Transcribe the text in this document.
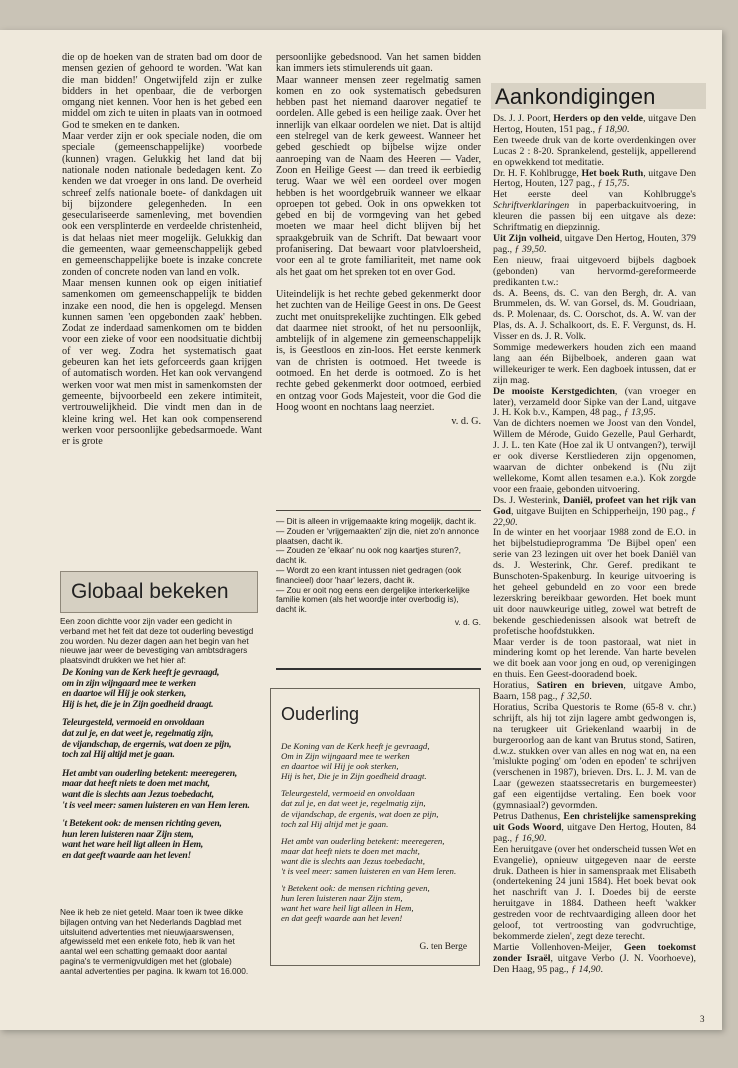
die op de hoeken van de straten bad om door de mensen gezien of gehoord te worden. 'Wat kan die man bidden!' Ongetwijfeld zijn er zulke bidders in het openbaar, die de verborgen omgang niet kennen. Voor hen is het gebed een middel om zich te uiten in plaats van in ootmoed God te smeken en te danken.

Maar verder zijn er ook speciale noden, die om speciale (gemeenschappelijke) voorbede (kunnen) vragen. Gelukkig het land dat bij nationale noden nationale bededagen kent. Zo kenden we dat vroeger in ons land. De overheid schreef zelfs nationale boete- of dankdagen uit bij bijzondere gelegenheden. In een geseculariseerde samenleving, met bovendien ook een versplinterde en verdeelde christenheid, is dat helaas niet meer mogelijk. Gelukkig dan die gemeenten, waar gemeenschappelijk gebed en gemeenschappelijke boete is inzake concrete zonden of concrete noden van land en volk.

Maar mensen kunnen ook op eigen initiatief samenkomen om gemeenschappelijk te bidden inzake een nood, die hen is opgelegd. Mensen kunnen samen 'een opgebonden zaak' hebben. Zodat ze inderdaad samenkomen om te bidden voor een zieke of voor een noodsituatie dichtbij of ver weg. Zodra het systematisch gaat gebeuren kan het iets geforceerds gaan krijgen of automatisch worden. Het kan ook vervangend werken voor wat men mist in samenkomsten der gemeente, bijvoorbeeld een zekere intimiteit, vertrouwelijkheid. Die vindt men dan in de kleine kring wel. Het kan ook compenserend werken voor persoonlijke gebedsarmoede. Want er is grote

persoonlijke gebedsnood. Van het samen bidden kan immers iets stimulerends uit gaan.

Maar wanneer mensen zeer regelmatig samen komen en zo ook systematisch gebedsuren hebben past het niemand daarover negatief te oordelen. Alle gebed is een heilige zaak. Over het innerlijk van elkaar oordelen we niet. Dat is altijd een stelregel van de kerk geweest. Wanneer het gebed geschiedt op bijbelse wijze onder aanroeping van de Naam des Heeren — Vader, Zoon en Heilige Geest — dan treed ik eerbiedig terug. Waar we wèl een oordeel over mogen hebben is het woordgebruik wanneer we elkaar oproepen tot gebed. Ook in ons opwekken tot gebed en bij de vormgeving van het gebed moeten we maar heel dicht blijven bij het spraakgebruik van de Schrift. Dat bewaart voor profanisering. Dat bewaart voor platvloersheid, voor een al te grote familiariteit, met name ook als het gaat om het spreken tot en over God.

Uiteindelijk is het rechte gebed gekenmerkt door het zuchten van de Heilige Geest in ons. De Geest zucht met onuitsprekelijke zuchtingen. Elk gebed dat daarmee niet strookt, of het nu persoonlijk, ambtelijk of in algemene zin gemeenschappelijk is, is Geestloos en zin-loos. Het eerste kenmerk van de christen is ootmoed. Het tweede is ootmoed. En het derde is ootmoed. Zo is het rechte gebed gekenmerkt door ootmoed, eerbied en ontzag voor Gods Majesteit, voor die God die Hoog woont en nochtans laag neerziet.

v. d. G.
Aankondigingen

Ds. J. J. Poort, Herders op den velde, uitgave Den Hertog, Houten, 151 pag., ƒ 18,90.

Een tweede druk van de korte overdenkingen over Lucas 2 : 8-20. Sprankelend, gestelijk, appellerend en opwekkend tot meditatie.

Dr. H. F. Kohlbrugge, Het boek Ruth, uitgave Den Hertog, Houten, 127 pag., ƒ 15,75.

Het eerste deel van Kohlbrugge's Schriftverklaringen in paperbackuitvoering, in kleuren die passen bij een uitgave als deze: Schriftmatig en diepzinnig.

Uit Zijn volheid, uitgave Den Hertog, Houten, 379 pag., ƒ 39,50.

Een nieuw, fraai uitgevoerd bijbels dagboek (gebonden) van hervormd-gereformeerde predikanten t.w.:

ds. A. Beens, ds. C. van den Bergh, dr. A. van Brummelen, ds. W. van Gorsel, ds. M. Goudriaan, ds. P. Molenaar, ds. C. Oorschot, ds. A. W. van der Plas, ds. A. J. Schalkoort, ds. E. F. Vergunst, ds. H. Visser en ds. J. R. Volk.

Sommige medewerkers houden zich een maand lang aan één Bijbelboek, anderen gaan wat willekeuriger te werk. Een dagboek intussen, dat er zijn mag.

De mooiste Kerstgedichten, (van vroeger en later), verzameld door Sipke van der Land, uitgave J. H. Kok b.v., Kampen, 48 pag., ƒ 13,95.

Van de dichters noemen we Joost van den Vondel, Willem de Mérode, Guido Gezelle, Paul Gerhardt, J. J. L. ten Kate (Hoe zal ik U ontvangen?), terwijl er ook diverse Kerstliederen zijn opgenomen, waarvan de dichter onbekend is (Nu zijt wellekome, Komt allen tesamen e.a.). Kok zorgde voor een fraaie, gebonden uitvoering.

Ds. J. Westerink, Daniël, profeet van het rijk van God, uitgave Buijten en Schipperheijn, 190 pag., ƒ 22,90.

In de winter en het voorjaar 1988 zond de E.O. in het bijbelstudieprogramma 'De Bijbel open' een serie van 23 lezingen uit over het boek Daniël van ds. J. Westerink, Chr. Geref. predikant te Bunschoten-Spakenburg. In keurige uitvoering is het geheel gebundeld en zo voor een brede lezerskring bereikbaar geworden. Het boek munt uit door nauwkeurige uitleg, zowel wat betreft de bekende geschiedenissen alsook wat betreft de profetische hoofdstukken.

Maar verder is de toon pastoraal, wat niet in mindering komt op het lerende. Van harte bevelen we dit boek aan voor jong en oud, op verenigingen en thuis. Een Geest-dooradend boek.

Horatius, Satiren en brieven, uitgave Ambo, Baarn, 158 pag., ƒ 32,50.

Horatius, Scriba Questoris te Rome (65-8 v. chr.) schrijft, als hij tot zijn lagere ambt gedwongen is, na terugkeer uit Griekenland waarbij in de burgeroorlog aan de kant van Brutus stond, Satiren, d.w.z. stukken over van alles en nog wat en, na een 'mislukte poging' om 'oden en epoden' te schrijven (verschenen in 1987), brieven. Drs. L. J. M. van de Laar (gewezen staatssecretaris en burgemeester) gaf een eigentijdse vertaling. Een boek voor (gymnasiaal?) gevormden.

Petrus Dathenus, Een christelijke samenspreking uit Gods Woord, uitgave Den Hertog, Houten, 84 pag., ƒ 16,90.

Een heruitgave (over het onderscheid tussen Wet en Evangelie), opnieuw uitgegeven naar de eerste druk. Datheen is hier in samenspraak met Elisabeth (ondertekening 24 juni 1584). Het boek bevat ook het naschrift van J. I. Doedes bij de eerste heruitgave in 1884. Datheen heeft 'wakker gestreden voor de rechtvaardiging alleen door het geloof, tot vertroosting van godvruchtige, bekommerde zielen', zegt deze terecht.

Martie Vollenhoven-Meijer, Geen toekomst zonder Israël, uitgave Verbo (J. N. Voorhoeve), Den Haag, 95 pag., ƒ 14,90.

— Dit is alleen in vrijgemaakte kring mogelijk, dacht ik.

— Zouden er 'vrijgemaakten' zijn die, niet zo'n annonce plaatsen, dacht ik.

— Zouden ze 'elkaar' nu ook nog kaartjes sturen?, dacht ik.

— Wordt zo een krant intussen niet gedragen (ook financieel) door 'haar' lezers, dacht ik.

— Zou er ooit nog eens een dergelijke interkerkelijke familie komen (als het woordje inter overbodig is), dacht ik.

v. d. G.

Globaal bekeken
Een zoon dichtte voor zijn vader een gedicht in verband met het feit dat deze tot ouderling bevestigd zou worden. Nu dezer dagen aan het begin van het nieuwe jaar weer de bevestiging van ambtsdragers plaatsvindt drukken we het hier af:

De Koning van de Kerk heeft je gevraagd,

om in zijn wijngaard mee te werken

en daartoe wil Hij je ook sterken,

Hij is het, die je in Zijn goedheid draagt.

Teleurgesteld, vermoeid en onvoldaan

dat zul je, en dat weet je, regelmatig zijn,

de vijandschap, de ergernis, wat doen ze pijn,

toch zal Hij altijd met je gaan.

Het ambt van ouderling betekent: meeregeren,

maar dat heeft niets te doen met macht,

want die is slechts aan Jezus toebedacht,

't is veel meer: samen luisteren en van Hem leren.

't Betekent ook: de mensen richting geven,

hun leren luisteren naar Zijn stem,

want het ware heil ligt alleen in Hem,

en dat geeft waarde aan het leven!

Nee ik heb ze niet geteld. Maar toen ik twee dikke bijlagen ontving van het Nederlands Dagblad met uitsluitend advertenties met nieuwjaarswensen, afgewisseld met een enkele foto, heb ik van het aantal wel een schatting gemaakt door aantal pagina's te vermenigvuldigen met het (globale) aantal advertenties per pagina. Ik kwam tot 16.000.
Ouderling

De Koning van de Kerk heeft je gevraagd,
Om in Zijn wijngaard mee te werken
en daartoe wil Hij je ook sterken,
Hij is het, Die je in Zijn goedheid draagt.

Teleurgesteld, vermoeid en onvoldaan
dat zul je, en dat weet je, regelmatig zijn,
de vijandschap, de ergenis, wat doen ze pijn,
toch zal Hij altijd met je gaan.

Het ambt van ouderling betekent: meeregeren,
maar dat heeft niets te doen met macht,
want die is slechts aan Jezus toebedacht,
't is veel meer: samen luisteren en van Hem leren.

't Betekent ook: de mensen richting geven,
hun leren luisteren naar Zijn stem,
want het ware heil ligt alleen in Hem,
en dat geeft waarde aan het leven!

G. ten Berge
3
